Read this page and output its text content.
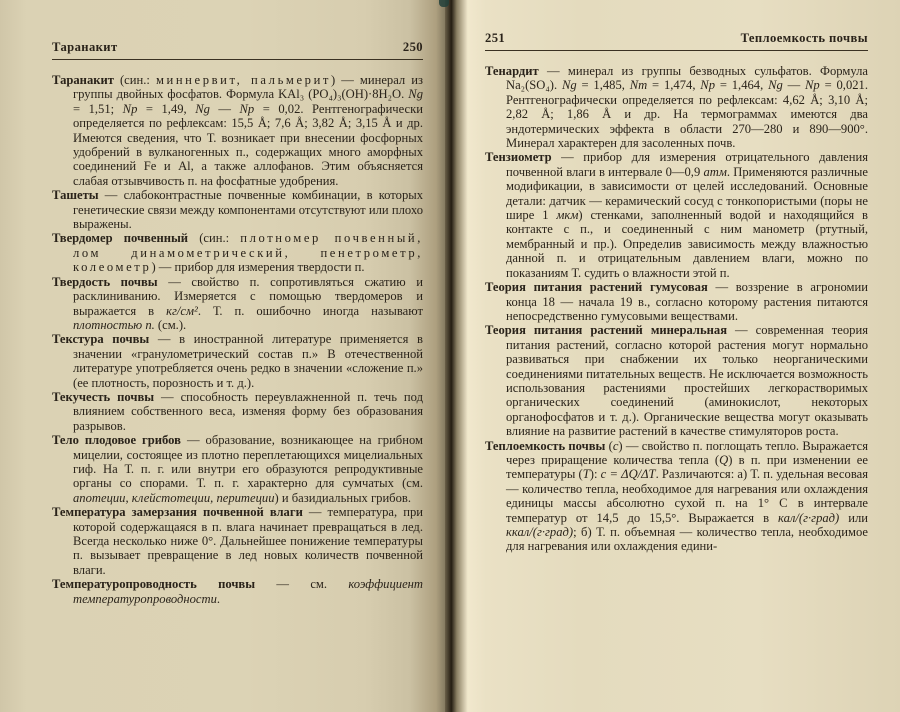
Таранакит	250

Таранакит (син.: миннервит, пальмерит) — минерал из группы двойных фосфатов. Формула KAl₃ (PO₄)₃(OH)·8H₂O. Ng = 1,51; Np = 1,49, Ng — Np = 0,02. Рентгенографически определяется по рефлексам: 15,5 Å; 7,6 Å; 3,82 Å; 3,15 Å и др. Имеются сведения, что Т. возникает при внесении фосфорных удобрений в вулканогенных п., содержащих много аморфных соединений Fe и Al, а также аллофанов. Этим объясняется слабая отзывчивость п. на фосфатные удобрения.

Ташеты — слабоконтрастные почвенные комбинации, в которых генетические связи между компонентами отсутствуют или плохо выражены.

Твердомер почвенный (син.: плотномер почвенный, лом динамометрический, пенетрометр, колеометр) — прибор для измерения твердости п.

Твердость почвы — свойство п. сопротивляться сжатию и расклиниванию. Измеряется с помощью твердомеров и выражается в кг/см². Т. п. ошибочно иногда называют плотностью п. (см.).

Текстура почвы — в иностранной литературе применяется в значении «гранулометрический состав п.» В отечественной литературе употребляется очень редко в значении «сложение п.» (ее плотность, порозность и т. д.).

Текучесть почвы — способность переувлажненной п. течь под влиянием собственного веса, изменяя форму без образования разрывов.

Тело плодовое грибов — образование, возникающее на грибном мицелии, состоящее из плотно переплетающихся мицелиальных гиф. На Т. п. г. или внутри его образуются репродуктивные органы со спорами. Т. п. г. характерно для сумчатых (см. апотеции, клейстотеции, перитеции) и базидиальных грибов.

Температура замерзания почвенной влаги — температура, при которой содержащаяся в п. влага начинает превращаться в лед. Всегда несколько ниже 0°. Дальнейшее понижение температуры п. вызывает превращение в лед новых количеств почвенной влаги.

Температуропроводность почвы — см. коэффициент температуропроводности.

251	Теплоемкость почвы

Тенардит — минерал из группы безводных сульфатов. Формула Na₂(SO₄). Ng = 1,485, Nm = 1,474, Np = 1,464, Ng — Np = 0,021. Рентгенографически определяется по рефлексам: 4,62 Å; 3,10 Å; 2,82 Å; 1,86 Å и др. На термограммах имеются два эндотермических эффекта в области 270—280 и 890—900°. Минерал характерен для засоленных почв.

Тензиометр — прибор для измерения отрицательного давления почвенной влаги в интервале 0—0,9 атм. Применяются различные модификации, в зависимости от целей исследований. Основные детали: датчик — керамический сосуд с тонкопористыми (поры не шире 1 мкм) стенками, заполненный водой и находящийся в контакте с п., и соединенный с ним манометр (ртутный, мембранный и пр.). Определив зависимость между влажностью данной п. и отрицательным давлением влаги, можно по показаниям Т. судить о влажности этой п.

Теория питания растений гумусовая — воззрение в агрономии конца 18 — начала 19 в., согласно которому растения питаются непосредственно гумусовыми веществами.

Теория питания растений минеральная — современная теория питания растений, согласно которой растения могут нормально развиваться при снабжении их только неорганическими соединениями питательных веществ. Не исключается возможность использования растениями простейших легкорастворимых органических соединений (аминокислот, некоторых органофосфатов и т. д.). Органические вещества могут оказывать влияние на развитие растений в качестве стимуляторов роста.

Теплоемкость почвы (с) — свойство п. поглощать тепло. Выражается через приращение количества тепла (Q) в п. при изменении ее температуры (T): c = ΔQ/ΔT. Различаются: а) Т. п. удельная весовая — количество тепла, необходимое для нагревания или охлаждения единицы массы абсолютно сухой п. на 1° C в интервале температур от 14,5 до 15,5°. Выражается в кал/(г·град) или ккал/(г·град); б) Т. п. объемная — количество тепла, необходимое для нагревания или охлаждения едини-
